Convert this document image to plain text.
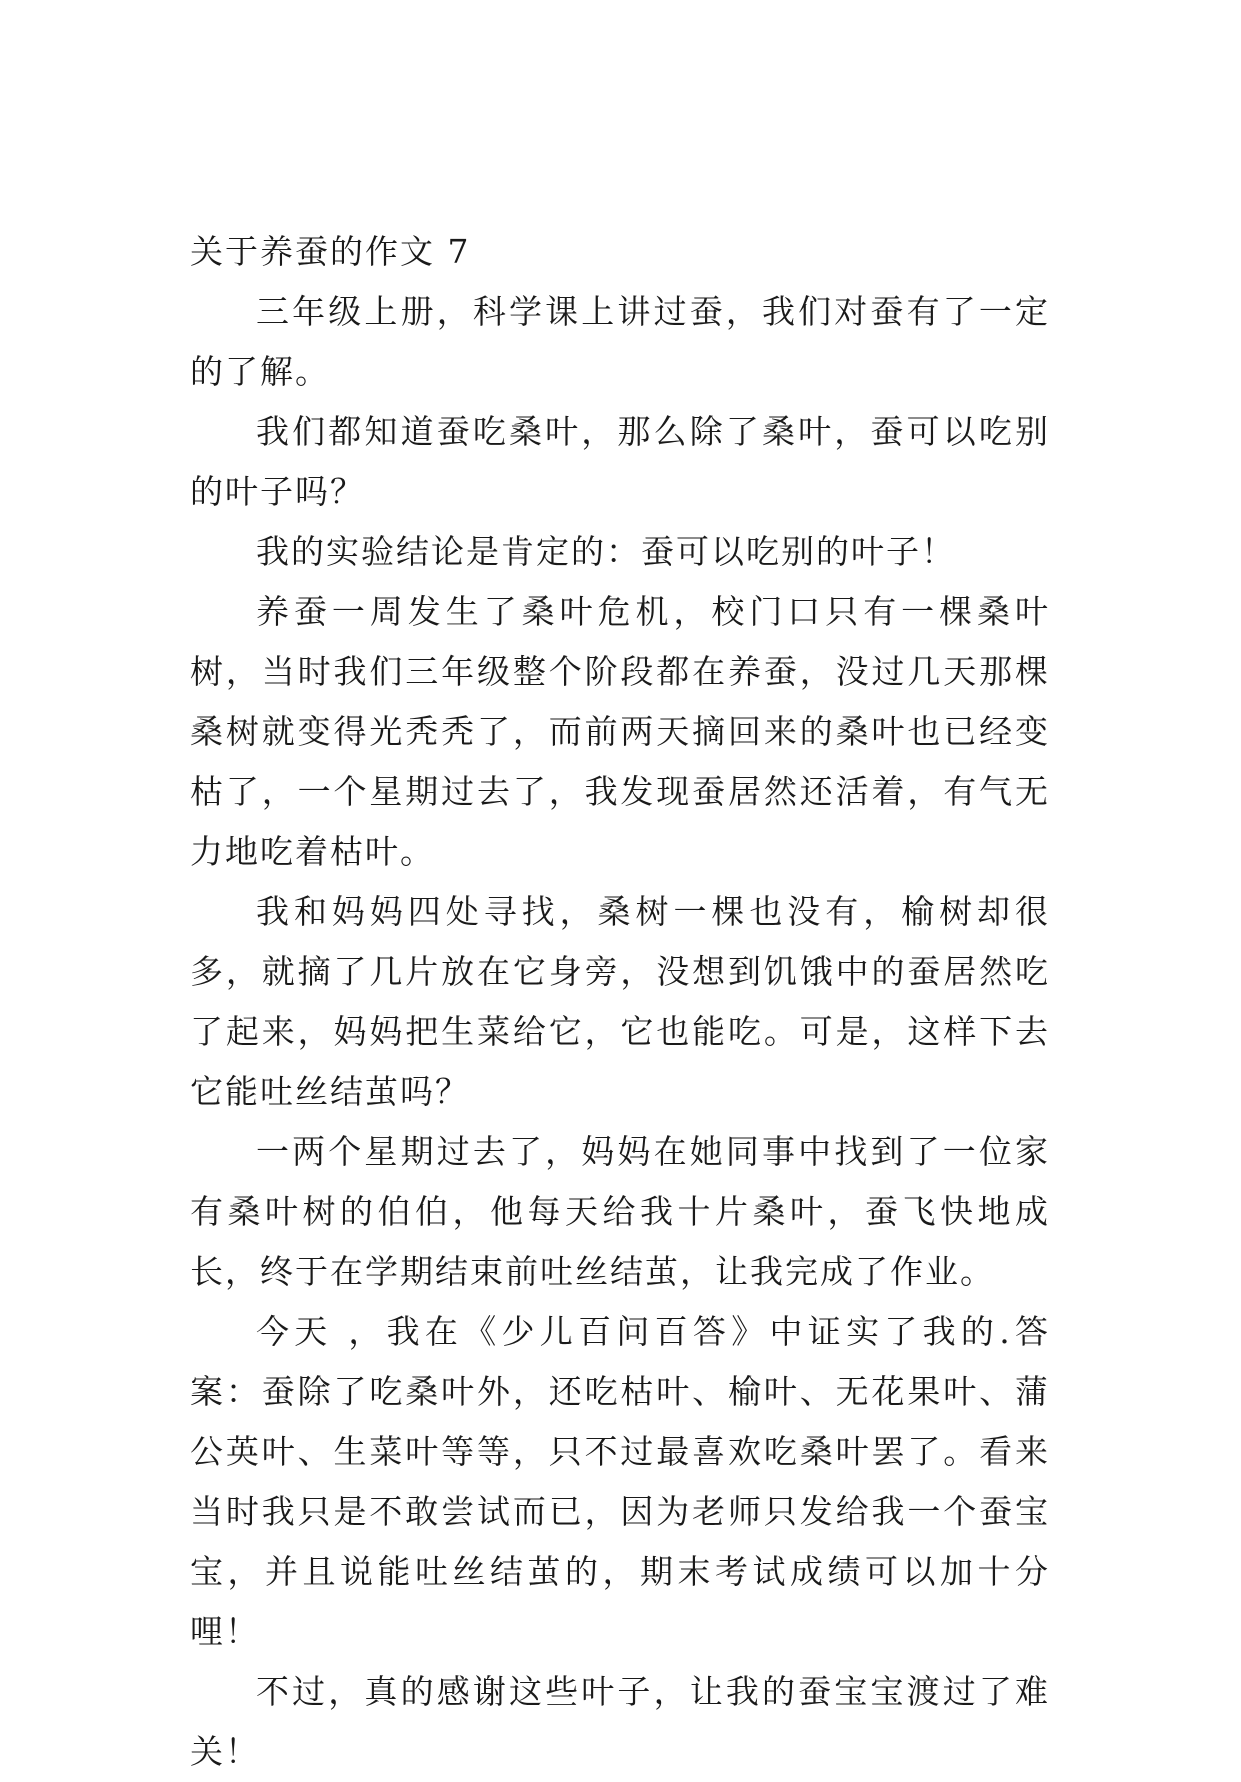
关于养蚕的作文 7

三年级上册，科学课上讲过蚕，我们对蚕有了一定的了解。

我们都知道蚕吃桑叶，那么除了桑叶，蚕可以吃别的叶子吗？

我的实验结论是肯定的：蚕可以吃别的叶子！

养蚕一周发生了桑叶危机，校门口只有一棵桑叶树，当时我们三年级整个阶段都在养蚕，没过几天那棵桑树就变得光秃秃了，而前两天摘回来的桑叶也已经变枯了，一个星期过去了，我发现蚕居然还活着，有气无力地吃着枯叶。

我和妈妈四处寻找，桑树一棵也没有，榆树却很多，就摘了几片放在它身旁，没想到饥饿中的蚕居然吃了起来，妈妈把生菜给它，它也能吃。可是，这样下去它能吐丝结茧吗？

一两个星期过去了，妈妈在她同事中找到了一位家有桑叶树的伯伯，他每天给我十片桑叶，蚕飞快地成长，终于在学期结束前吐丝结茧，让我完成了作业。

今天 ，我在《少儿百问百答》中证实了我的.答案：蚕除了吃桑叶外，还吃枯叶、榆叶、无花果叶、蒲公英叶、生菜叶等等，只不过最喜欢吃桑叶罢了。看来当时我只是不敢尝试而已，因为老师只发给我一个蚕宝宝，并且说能吐丝结茧的，期末考试成绩可以加十分哩！

不过，真的感谢这些叶子，让我的蚕宝宝渡过了难关！
